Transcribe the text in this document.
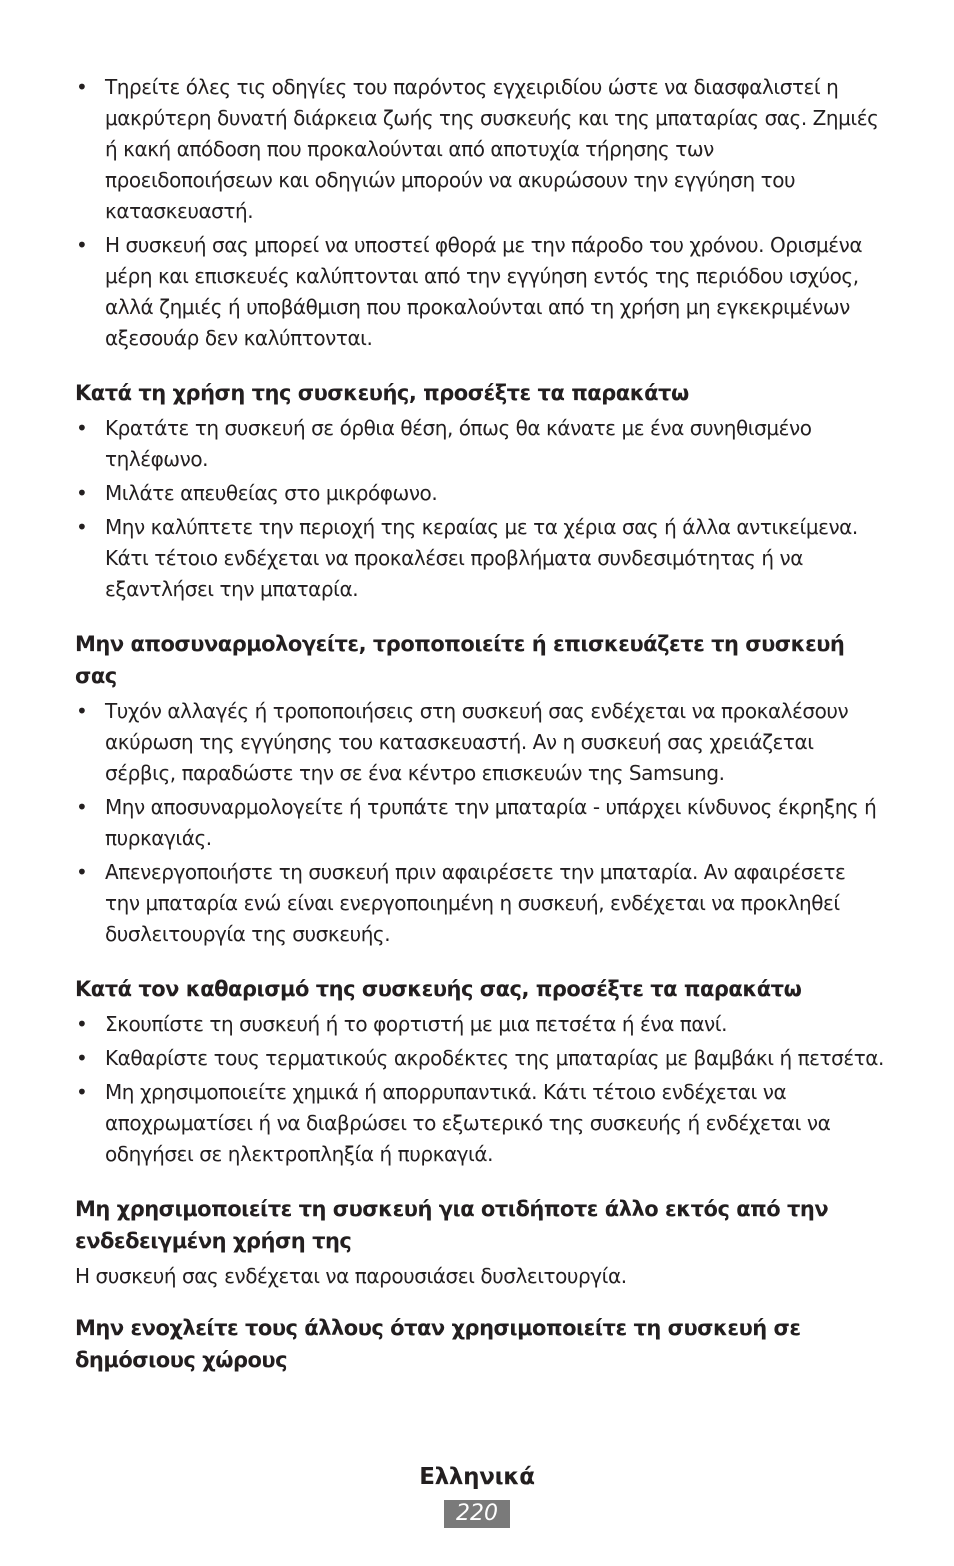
• Τηρείτε όλες τις οδηγίες του παρόντος εγχειριδίου ώστε να διασφαλιστεί η μακρύτερη δυνατή διάρκεια ζωής της συσκευής και της μπαταρίας σας. Ζημιές ή κακή απόδοση που προκαλούνται από αποτυχία τήρησης των προειδοποιήσεων και οδηγιών μπορούν να ακυρώσουν την εγγύηση του κατασκευαστή.
• Η συσκευή σας μπορεί να υποστεί φθορά με την πάροδο του χρόνου. Ορισμένα μέρη και επισκευές καλύπτονται από την εγγύηση εντός της περιόδου ισχύος, αλλά ζημιές ή υποβάθμιση που προκαλούνται από τη χρήση μη εγκεκριμένων αξεσουάρ δεν καλύπτονται.
Κατά τη χρήση της συσκευής, προσέξτε τα παρακάτω
• Κρατάτε τη συσκευή σε όρθια θέση, όπως θα κάνατε με ένα συνηθισμένο τηλέφωνο.
• Μιλάτε απευθείας στο μικρόφωνο.
• Μην καλύπτετε την περιοχή της κεραίας με τα χέρια σας ή άλλα αντικείμενα. Κάτι τέτοιο ενδέχεται να προκαλέσει προβλήματα συνδεσιμότητας ή να εξαντλήσει την μπαταρία.
Μην αποσυναρμολογείτε, τροποποιείτε ή επισκευάζετε τη συσκευή σας
• Τυχόν αλλαγές ή τροποποιήσεις στη συσκευή σας ενδέχεται να προκαλέσουν ακύρωση της εγγύησης του κατασκευαστή. Αν η συσκευή σας χρειάζεται σέρβις, παραδώστε την σε ένα κέντρο επισκευών της Samsung.
• Μην αποσυναρμολογείτε ή τρυπάτε την μπαταρία - υπάρχει κίνδυνος έκρηξης ή πυρκαγιάς.
• Απενεργοποιήστε τη συσκευή πριν αφαιρέσετε την μπαταρία. Αν αφαιρέσετε την μπαταρία ενώ είναι ενεργοποιημένη η συσκευή, ενδέχεται να προκληθεί δυσλειτουργία της συσκευής.
Κατά τον καθαρισμό της συσκευής σας, προσέξτε τα παρακάτω
• Σκουπίστε τη συσκευή ή το φορτιστή με μια πετσέτα ή ένα πανί.
• Καθαρίστε τους τερματικούς ακροδέκτες της μπαταρίας με βαμβάκι ή πετσέτα.
• Μη χρησιμοποιείτε χημικά ή απορρυπαντικά. Κάτι τέτοιο ενδέχεται να αποχρωματίσει ή να διαβρώσει το εξωτερικό της συσκευής ή ενδέχεται να οδηγήσει σε ηλεκτροπληξία ή πυρκαγιά.
Μη χρησιμοποιείτε τη συσκευή για οτιδήποτε άλλο εκτός από την ενδεδειγμένη χρήση της

Η συσκευή σας ενδέχεται να παρουσιάσει δυσλειτουργία.

Μην ενοχλείτε τους άλλους όταν χρησιμοποιείτε τη συσκευή σε δημόσιους χώρους
Ελληνικά
220
